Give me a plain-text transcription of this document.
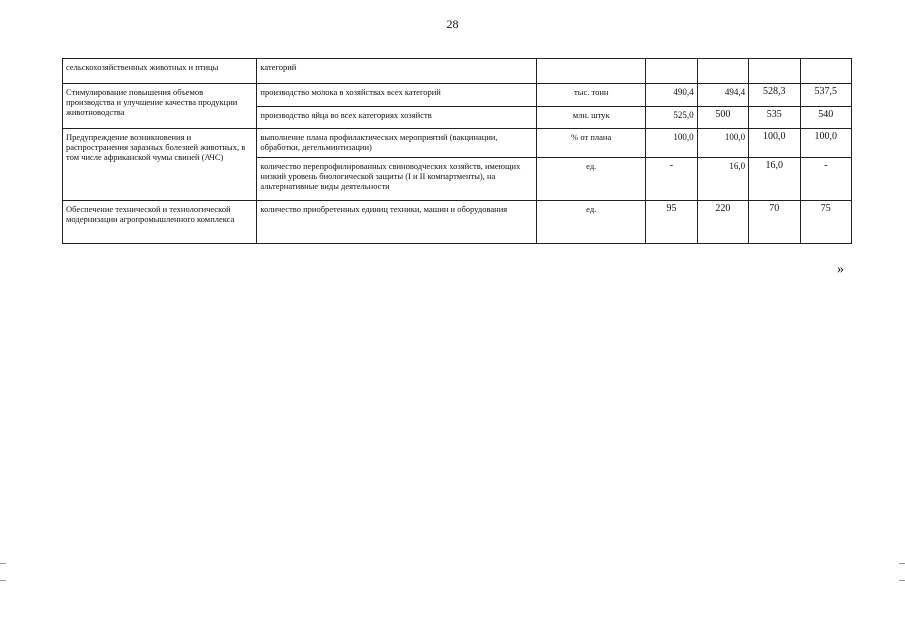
28
сельскохозяйственных животных и птицы	категорий					
Стимулирование повышения объемов производства и улучшение качества продукции животноводства	производство молока в хозяйствах всех категорий	тыс. тонн	490,4	494,4	528,3	537,5
	производство яйца во всех категориях хозяйств	млн. штук	525,0	500	535	540
Предупреждение возникновения и распространения заразных болезней животных, в том числе африканской чумы свиней (АЧС)	выполнение плана профилактических мероприятий (вакцинации, обработки, дегельминтизации)	% от плана	100,0	100,0	100,0	100,0
	количество перепрофилированных свиноводческих хозяйств, имеющих низкий уровень биологической защиты (I и II компартменты), на альтернативные виды деятельности	ед.	-	16,0	16,0	-
Обеспечение технической и технологической модернизации агропромышленного комплекса	количество приобретенных единиц техники, машин и оборудования	ед.	95	220	70	75
»
